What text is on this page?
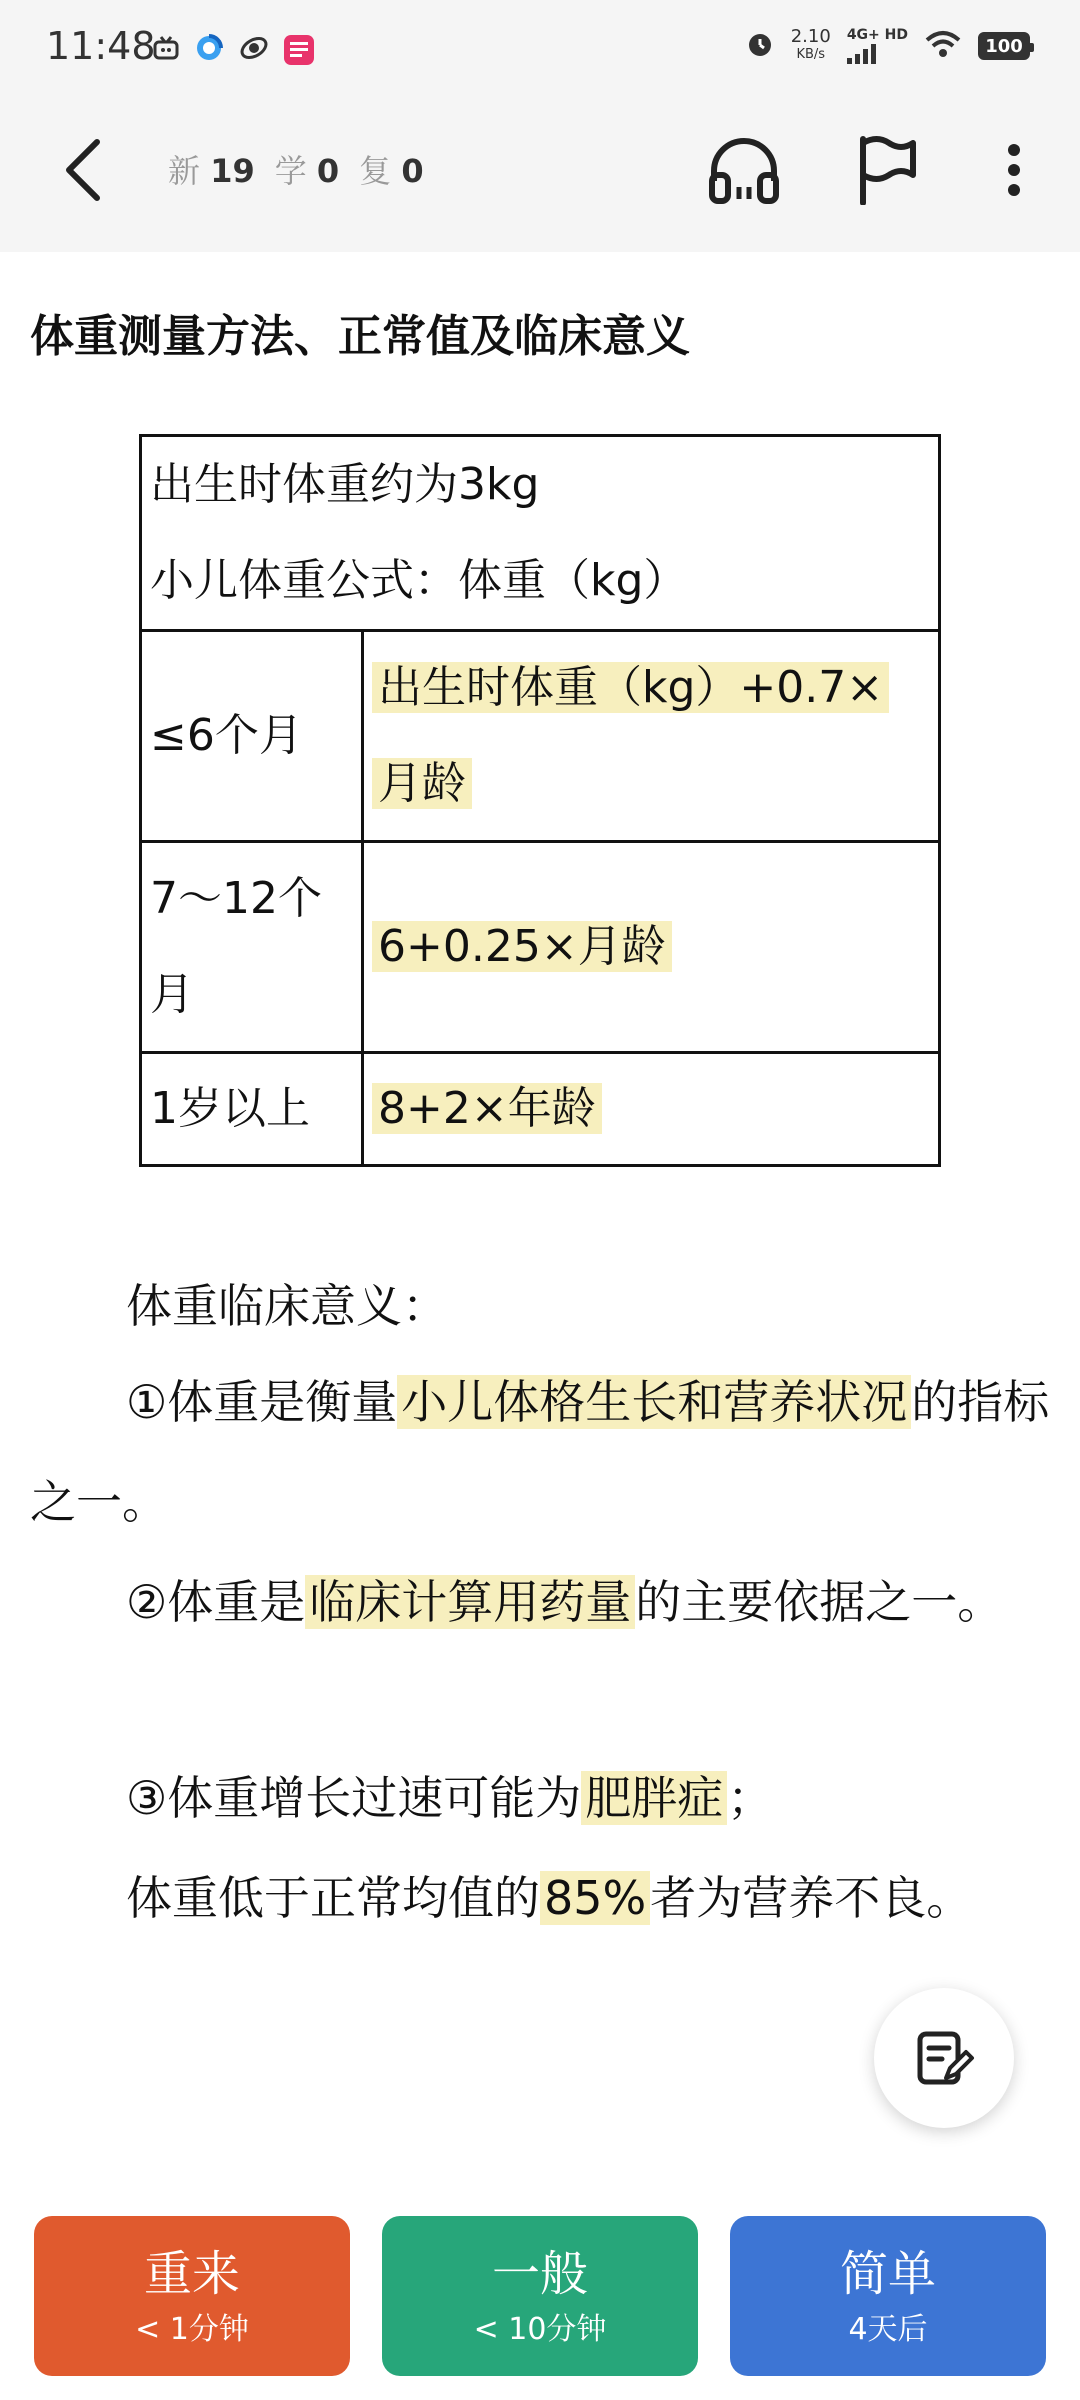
11:48	2.10
KB/s
4G+ HD
100
新 19 学 0 复 0
体重测量方法、正常值及临床意义
出生时体重约为3kg
小儿体重公式：体重（kg）	

≤6个月	出生时体重（kg）+0.7×
月龄

7～12个
月	6+0.25×月龄

1岁以上	8+2×年龄
体重临床意义：
①体重是衡量小儿体格生长和营养状况的指标之一。
②体重是临床计算用药量的主要依据之一。
③体重增长过速可能为肥胖症；
体重低于正常均值的85%者为营养不良。
重来
< 1分钟
一般
< 10分钟
简单
4天后
